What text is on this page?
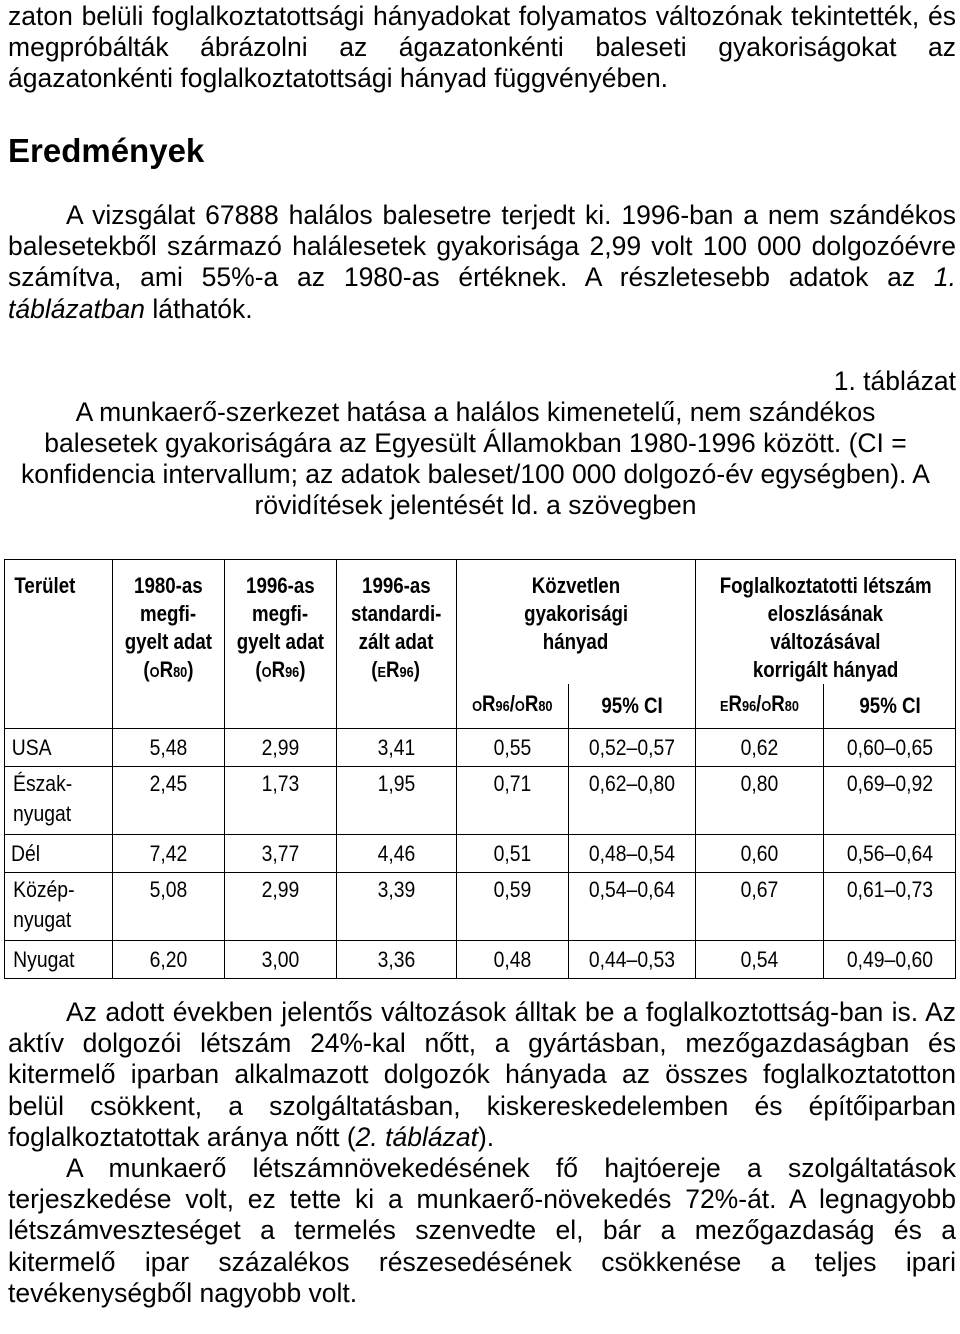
zaton belüli foglalkoztatottsági hányadokat folyamatos változónak tekintették, és megpróbálták ábrázolni az ágazatonkénti baleseti gyakoriságokat az ágazatonkénti foglalkoztatottsági hányad függvényében.

Eredmények

A vizsgálat 67888 halálos balesetre terjedt ki. 1996-ban a nem szándékos balesetekből származó halálesetek gyakorisága 2,99 volt 100 000 dolgozóévre számítva, ami 55%-a az 1980-as értéknek. A részletesebb adatok az 1. táblázatban láthatók.

1. táblázat

A munkaerő-szerkezet hatása a halálos kimenetelű, nem szándékos balesetek gyakoriságára az Egyesült Államokban 1980-1996 között. (CI = konfidencia intervallum; az adatok baleset/100 000 dolgozó-év egységben). A rövidítések jelentését ld. a szövegben

Terület	1980-as
megfi-
gyelt adat
(OR80)	1996-as
megfi-
gyelt adat
(OR96)	1996-as
standardi-
zált adat
(ER96)	Közvetlen
gyakorisági
hányad		Foglalkoztatotti létszám
eloszlásának változásával
korrigált hányad	
				OR96/OR80	95% CI	ER96/OR80	95% CI
USA	5,48	2,99	3,41	0,55	0,52–0,57	0,62	0,60–0,65
Észak-
nyugat	2,45	1,73	1,95	0,71	0,62–0,80	0,80	0,69–0,92
Dél	7,42	3,77	4,46	0,51	0,48–0,54	0,60	0,56–0,64
Közép-
nyugat	5,08	2,99	3,39	0,59	0,54–0,64	0,67	0,61–0,73
Nyugat	6,20	3,00	3,36	0,48	0,44–0,53	0,54	0,49–0,60

Az adott években jelentős változások álltak be a foglalkoztottság-ban is. Az aktív dolgozói létszám 24%-kal nőtt, a gyártásban, mezőgazdaságban és kitermelő iparban alkalmazott dolgozók hányada az összes foglalkoztatotton belül csökkent, a szolgáltatásban, kiskereskedelemben és építőiparban foglalkoztatottak aránya nőtt (2. táblázat).

A munkaerő létszámnövekedésének fő hajtóereje a szolgáltatások terjeszkedése volt, ez tette ki a munkaerő-növekedés 72%-át. A legnagyobb létszámveszteséget a termelés szenvedte el, bár a mezőgazdaság és a kitermelő ipar százalékos részesedésének csökkenése a teljes ipari tevékenységből nagyobb volt.
